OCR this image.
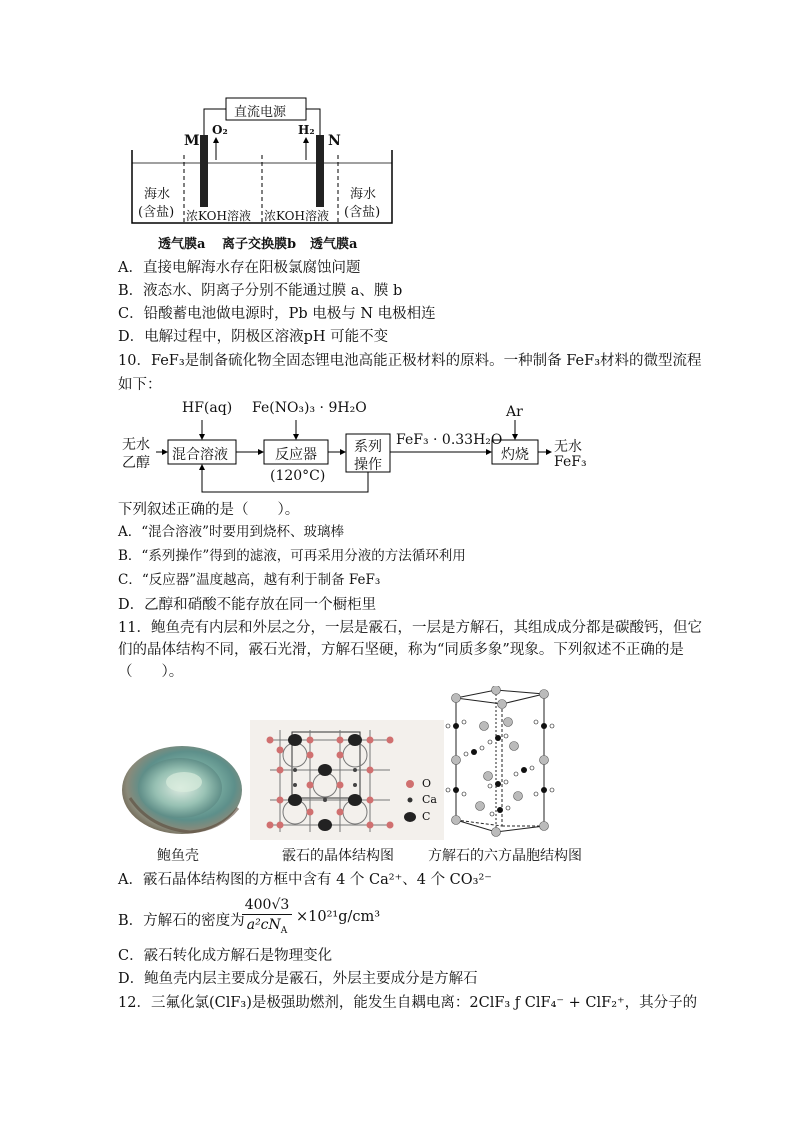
直流电源
M	N
O₂	H₂
海水
(含盐) 浓KOH溶液 浓KOH溶液
海水
(含盐)
透气膜a 离子交换膜b 透气膜a
A．直接电解海水存在阳极氯腐蚀问题
B．液态水、阴离子分别不能通过膜 a、膜 b
C．铅酸蓄电池做电源时，Pb 电极与 N 电极相连
D．电解过程中，阴极区溶液pH 可能不变
10．FeF₃是制备硫化物全固态锂电池高能正极材料的原料。一种制备 FeF₃材料的微型流程
如下：
无水
乙醇
HF(aq) Fe(NO₃)₃ · 9H₂O
混合溶液	反应器
(120°C)
系列
操作
FeF₃ · 0.33H₂O
Ar
灼烧 无水
FeF₃
下列叙述正确的是（　　）。
A．“混合溶液”时要用到烧杯、玻璃棒
B．“系列操作”得到的滤液，可再采用分液的方法循环利用
C．“反应器”温度越高，越有利于制备 FeF₃
D．乙醇和硝酸不能存放在同一个橱柜里
11．鲍鱼壳有内层和外层之分，一层是霰石，一层是方解石，其组成成分都是碳酸钙，但它
们的晶体结构不同，霰石光滑，方解石坚硬，称为“同质多象”现象。下列叙述不正确的是
（　　）。
O
Ca
C
鲍鱼壳	霰石的晶体结构图 方解石的六方晶胞结构图
A．霰石晶体结构图的方框中含有 4 个 Ca²⁺、4 个 CO₃²⁻
B．方解石的密度为
400√3
$a^2cN_A$
×10²¹g/cm³
C．霰石转化成方解石是物理变化
D．鲍鱼壳内层主要成分是霰石，外层主要成分是方解石
12．三氟化氯(ClF₃)是极强助燃剂，能发生自耦电离：2ClF₃ ƒ ClF₄⁻ + ClF₂⁺，其分子的
